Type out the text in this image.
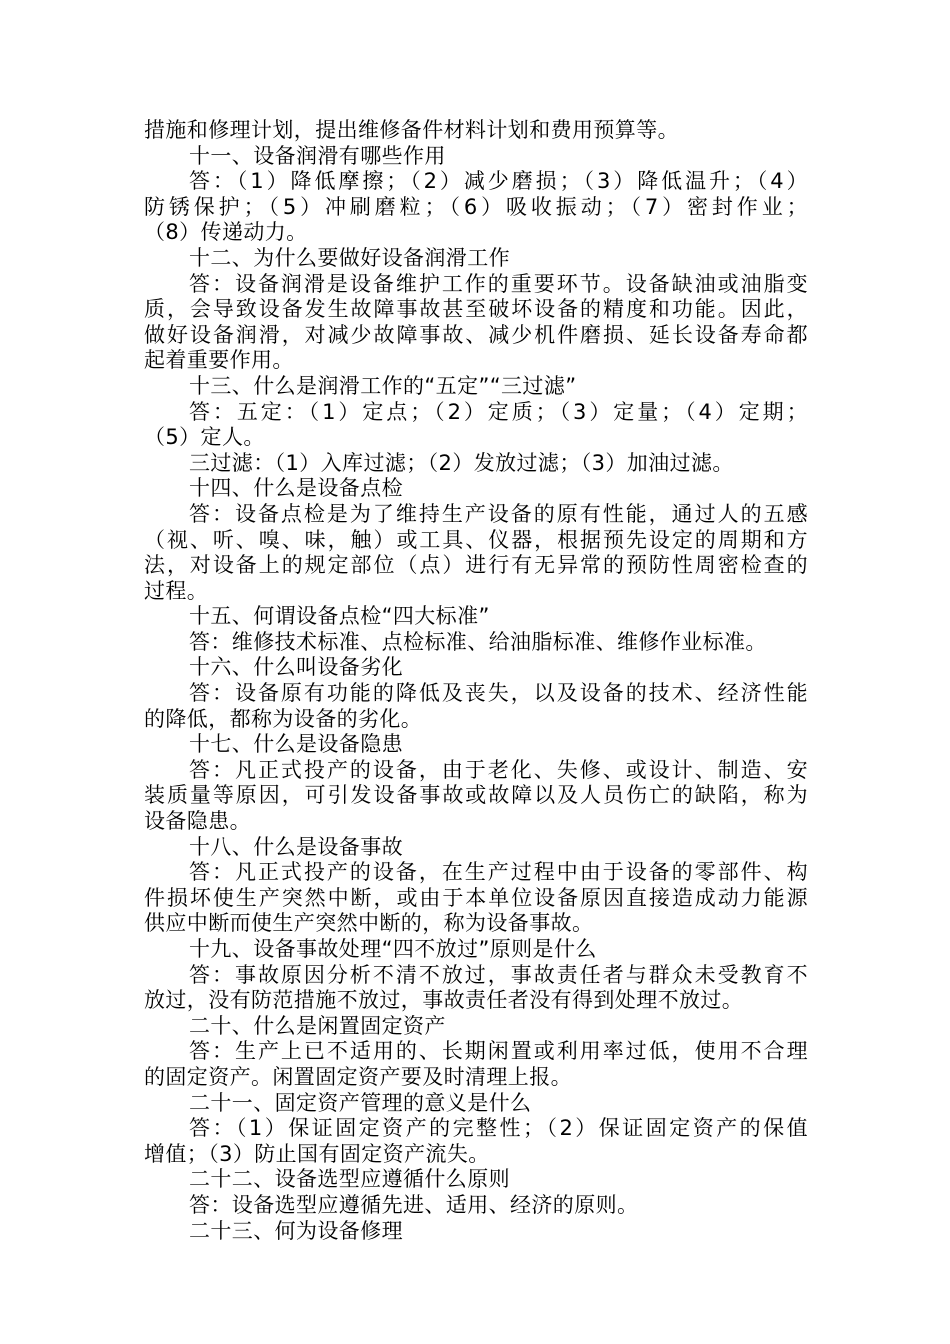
措施和修理计划，提出维修备件材料计划和费用预算等。
十一、设备润滑有哪些作用
答：（1）降低摩擦；（2）减少磨损；（3）降低温升；（4）
防锈保护；（5）冲刷磨粒；（6）吸收振动；（7）密封作业；
（8）传递动力。
十二、为什么要做好设备润滑工作
答：设备润滑是设备维护工作的重要环节。设备缺油或油脂变
质，会导致设备发生故障事故甚至破坏设备的精度和功能。因此，
做好设备润滑，对减少故障事故、减少机件磨损、延长设备寿命都
起着重要作用。
十三、什么是润滑工作的“五定”“三过滤”
答：五定：（1）定点；（2）定质；（3）定量；（4）定期；
（5）定人。
三过滤：（1）入库过滤；（2）发放过滤；（3）加油过滤。
十四、什么是设备点检
答：设备点检是为了维持生产设备的原有性能，通过人的五感
（视、听、嗅、味，触）或工具、仪器，根据预先设定的周期和方
法，对设备上的规定部位（点）进行有无异常的预防性周密检查的
过程。
十五、何谓设备点检“四大标准”
答：维修技术标准、点检标准、给油脂标准、维修作业标准。
十六、什么叫设备劣化
答：设备原有功能的降低及丧失，以及设备的技术、经济性能
的降低，都称为设备的劣化。
十七、什么是设备隐患
答：凡正式投产的设备，由于老化、失修、或设计、制造、安
装质量等原因，可引发设备事故或故障以及人员伤亡的缺陷，称为
设备隐患。
十八、什么是设备事故
答：凡正式投产的设备，在生产过程中由于设备的零部件、构
件损坏使生产突然中断，或由于本单位设备原因直接造成动力能源
供应中断而使生产突然中断的，称为设备事故。
十九、设备事故处理“四不放过”原则是什么
答：事故原因分析不清不放过，事故责任者与群众未受教育不
放过，没有防范措施不放过，事故责任者没有得到处理不放过。
二十、什么是闲置固定资产
答：生产上已不适用的、长期闲置或利用率过低，使用不合理
的固定资产。闲置固定资产要及时清理上报。
二十一、固定资产管理的意义是什么
答：（1）保证固定资产的完整性；（2）保证固定资产的保值
增值；（3）防止国有固定资产流失。
二十二、设备选型应遵循什么原则
答：设备选型应遵循先进、适用、经济的原则。
二十三、何为设备修理
